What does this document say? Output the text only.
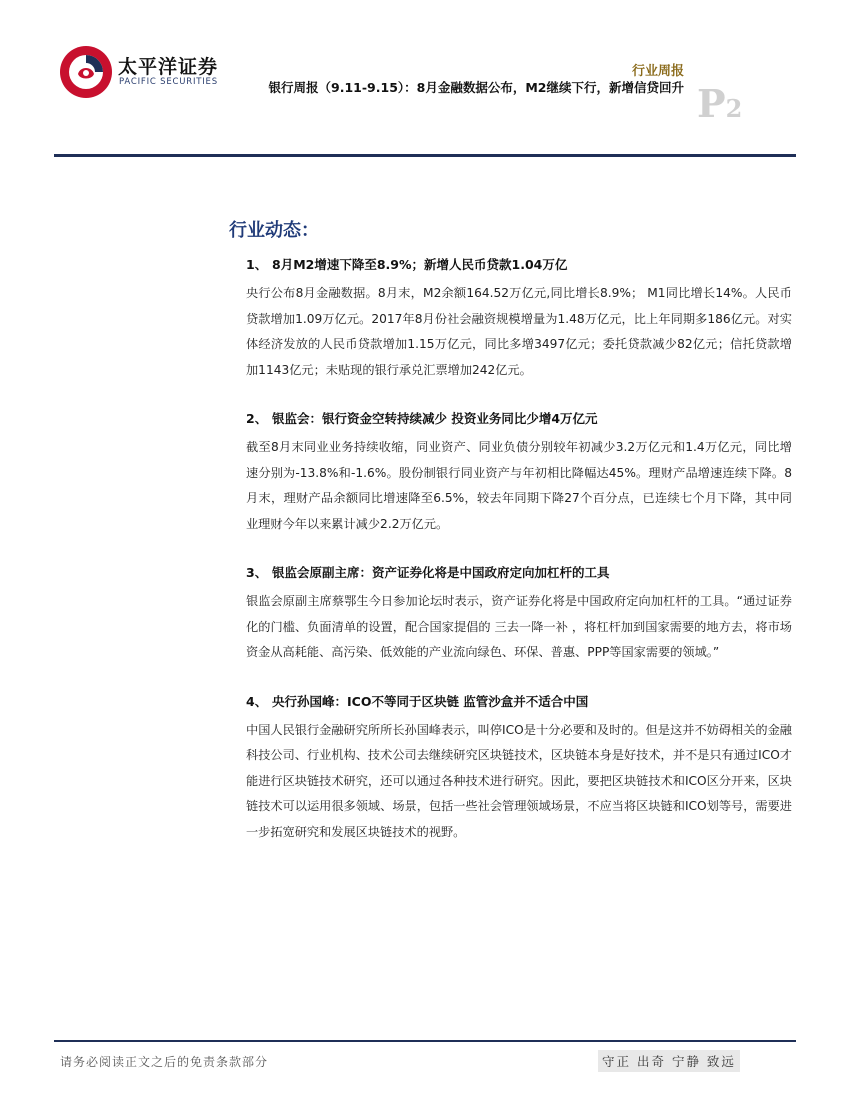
太平洋证券
PACIFIC SECURITIES
行业周报
银行周报（9.11-9.15）：8月金融数据公布，M2继续下行，新增信贷回升 P2
行业动态：
1、 8月M2增速下降至8.9%；新增人民币贷款1.04万亿
央行公布8月金融数据。8月末，M2余额164.52万亿元,同比增长8.9%； M1同比增长14%。人民币贷款增加1.09万亿元。2017年8月份社会融资规模增量为1.48万亿元，比上年同期多186亿元。对实体经济发放的人民币贷款增加1.15万亿元，同比多增3497亿元；委托贷款减少82亿元；信托贷款增加1143亿元；未贴现的银行承兑汇票增加242亿元。
2、 银监会：银行资金空转持续减少 投资业务同比少增4万亿元
截至8月末同业业务持续收缩，同业资产、同业负债分别较年初减少3.2万亿元和1.4万亿元，同比增速分别为-13.8%和-1.6%。股份制银行同业资产与年初相比降幅达45%。理财产品增速连续下降。8月末，理财产品余额同比增速降至6.5%，较去年同期下降27个百分点，已连续七个月下降，其中同业理财今年以来累计减少2.2万亿元。
3、 银监会原副主席：资产证券化将是中国政府定向加杠杆的工具
银监会原副主席蔡鄂生今日参加论坛时表示，资产证券化将是中国政府定向加杠杆的工具。“通过证券化的门槛、负面清单的设置，配合国家提倡的 三去一降一补 ，将杠杆加到国家需要的地方去，将市场资金从高耗能、高污染、低效能的产业流向绿色、环保、普惠、PPP等国家需要的领域。”
4、 央行孙国峰：ICO不等同于区块链 监管沙盒并不适合中国
中国人民银行金融研究所所长孙国峰表示，叫停ICO是十分必要和及时的。但是这并不妨碍相关的金融科技公司、行业机构、技术公司去继续研究区块链技术，区块链本身是好技术，并不是只有通过ICO才能进行区块链技术研究，还可以通过各种技术进行研究。因此，要把区块链技术和ICO区分开来，区块链技术可以运用很多领域、场景，包括一些社会管理领域场景，不应当将区块链和ICO划等号，需要进一步拓宽研究和发展区块链技术的视野。
请务必阅读正文之后的免责条款部分	守正 出奇 宁静 致远
